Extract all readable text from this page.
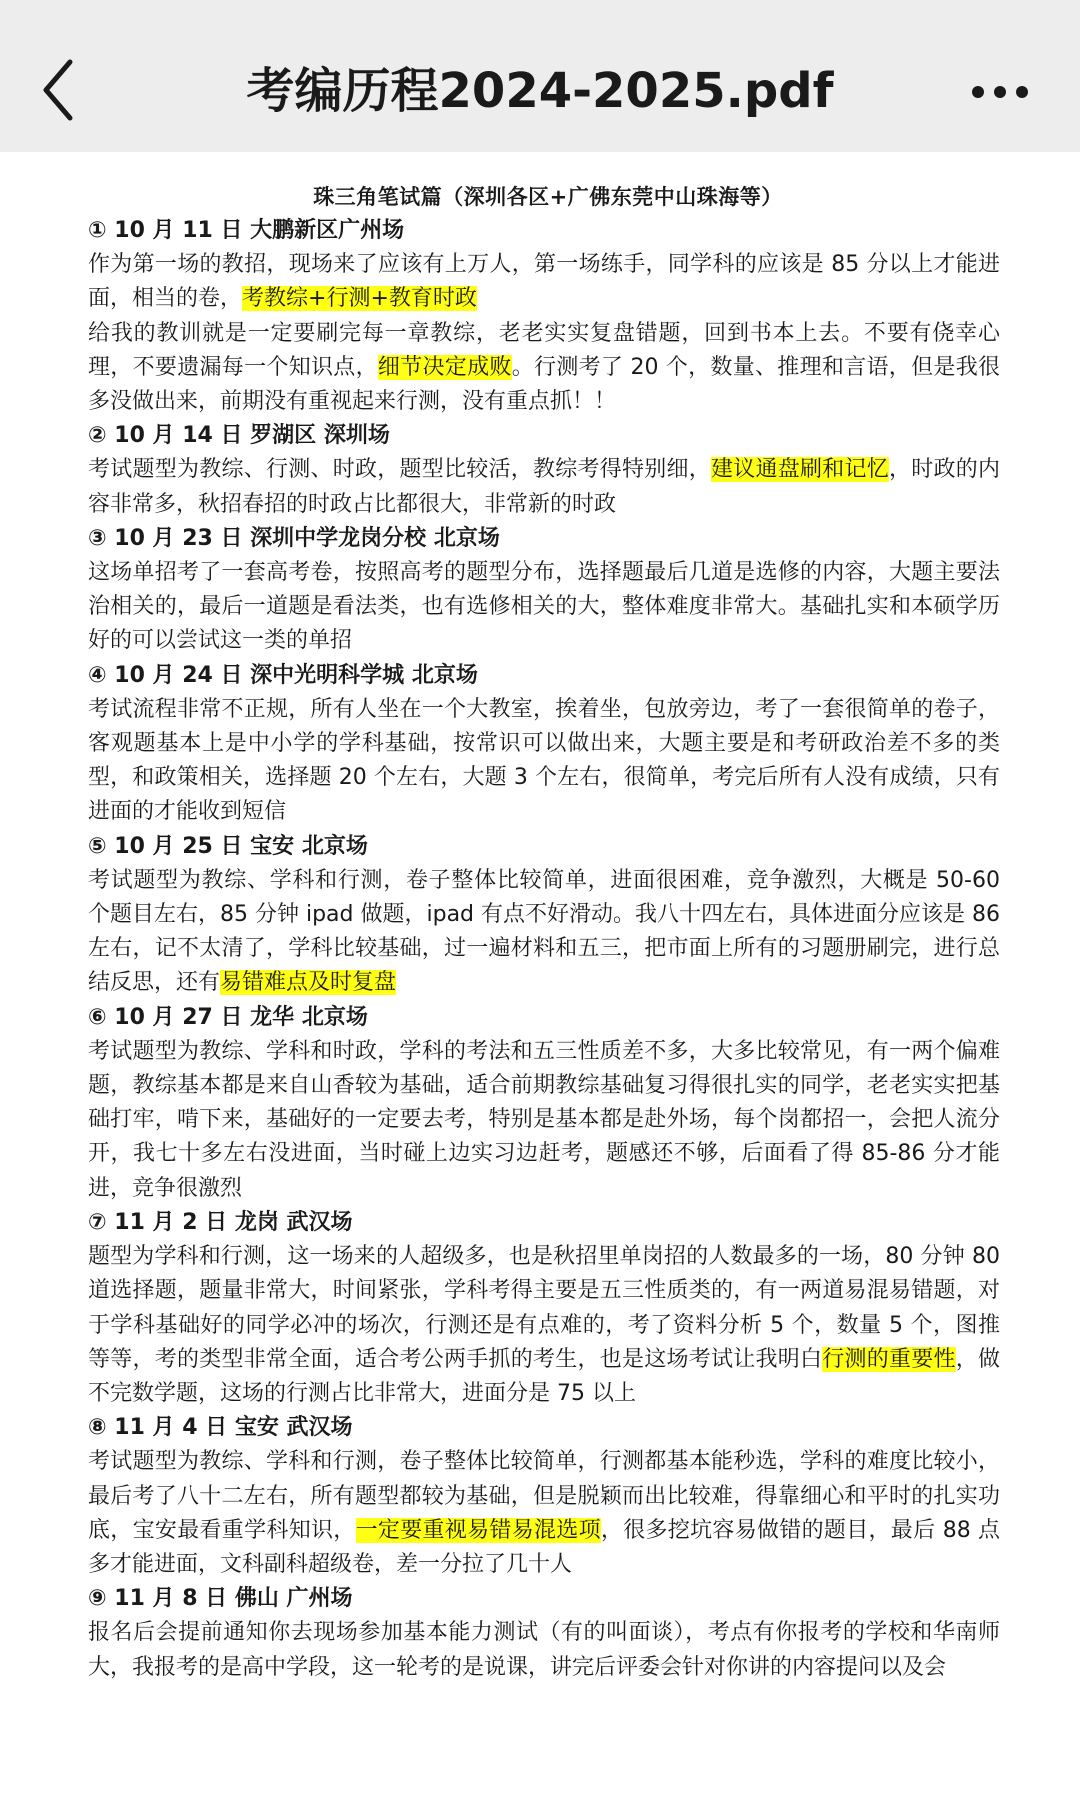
考编历程2024-2025.pdf
珠三角笔试篇（深圳各区+广佛东莞中山珠海等）
① 10 月 11 日 大鹏新区广州场
作为第一场的教招，现场来了应该有上万人，第一场练手，同学科的应该是 85 分以上才能进面，相当的卷，考教综+行测+教育时政
给我的教训就是一定要刷完每一章教综，老老实实复盘错题，回到书本上去。不要有侥幸心理，不要遗漏每一个知识点，细节决定成败。行测考了 20 个，数量、推理和言语，但是我很多没做出来，前期没有重视起来行测，没有重点抓！！
② 10 月 14 日 罗湖区 深圳场
考试题型为教综、行测、时政，题型比较活，教综考得特别细，建议通盘刷和记忆，时政的内容非常多，秋招春招的时政占比都很大，非常新的时政
③ 10 月 23 日 深圳中学龙岗分校 北京场
这场单招考了一套高考卷，按照高考的题型分布，选择题最后几道是选修的内容，大题主要法治相关的，最后一道题是看法类，也有选修相关的大，整体难度非常大。基础扎实和本硕学历好的可以尝试这一类的单招
④ 10 月 24 日 深中光明科学城 北京场
考试流程非常不正规，所有人坐在一个大教室，挨着坐，包放旁边，考了一套很简单的卷子，客观题基本上是中小学的学科基础，按常识可以做出来，大题主要是和考研政治差不多的类型，和政策相关，选择题 20 个左右，大题 3 个左右，很简单，考完后所有人没有成绩，只有进面的才能收到短信
⑤ 10 月 25 日 宝安 北京场
考试题型为教综、学科和行测，卷子整体比较简单，进面很困难，竞争激烈，大概是 50-60 个题目左右，85 分钟 ipad 做题，ipad 有点不好滑动。我八十四左右，具体进面分应该是 86 左右，记不太清了，学科比较基础，过一遍材料和五三，把市面上所有的习题册刷完，进行总结反思，还有易错难点及时复盘
⑥ 10 月 27 日 龙华 北京场
考试题型为教综、学科和时政，学科的考法和五三性质差不多，大多比较常见，有一两个偏难题，教综基本都是来自山香较为基础，适合前期教综基础复习得很扎实的同学，老老实实把基础打牢，啃下来，基础好的一定要去考，特别是基本都是赴外场，每个岗都招一，会把人流分开，我七十多左右没进面，当时碰上边实习边赶考，题感还不够，后面看了得 85-86 分才能进，竞争很激烈
⑦ 11 月 2 日 龙岗 武汉场
题型为学科和行测，这一场来的人超级多，也是秋招里单岗招的人数最多的一场，80 分钟 80 道选择题，题量非常大，时间紧张，学科考得主要是五三性质类的，有一两道易混易错题，对于学科基础好的同学必冲的场次，行测还是有点难的，考了资料分析 5 个，数量 5 个，图推等等，考的类型非常全面，适合考公两手抓的考生，也是这场考试让我明白行测的重要性，做不完数学题，这场的行测占比非常大，进面分是 75 以上
⑧ 11 月 4 日 宝安 武汉场
考试题型为教综、学科和行测，卷子整体比较简单，行测都基本能秒选，学科的难度比较小，最后考了八十二左右，所有题型都较为基础，但是脱颖而出比较难，得靠细心和平时的扎实功底，宝安最看重学科知识，一定要重视易错易混选项，很多挖坑容易做错的题目，最后 88 点多才能进面，文科副科超级卷，差一分拉了几十人
⑨ 11 月 8 日 佛山 广州场
报名后会提前通知你去现场参加基本能力测试（有的叫面谈），考点有你报考的学校和华南师大，我报考的是高中学段，这一轮考的是说课，讲完后评委会针对你讲的内容提问以及会
